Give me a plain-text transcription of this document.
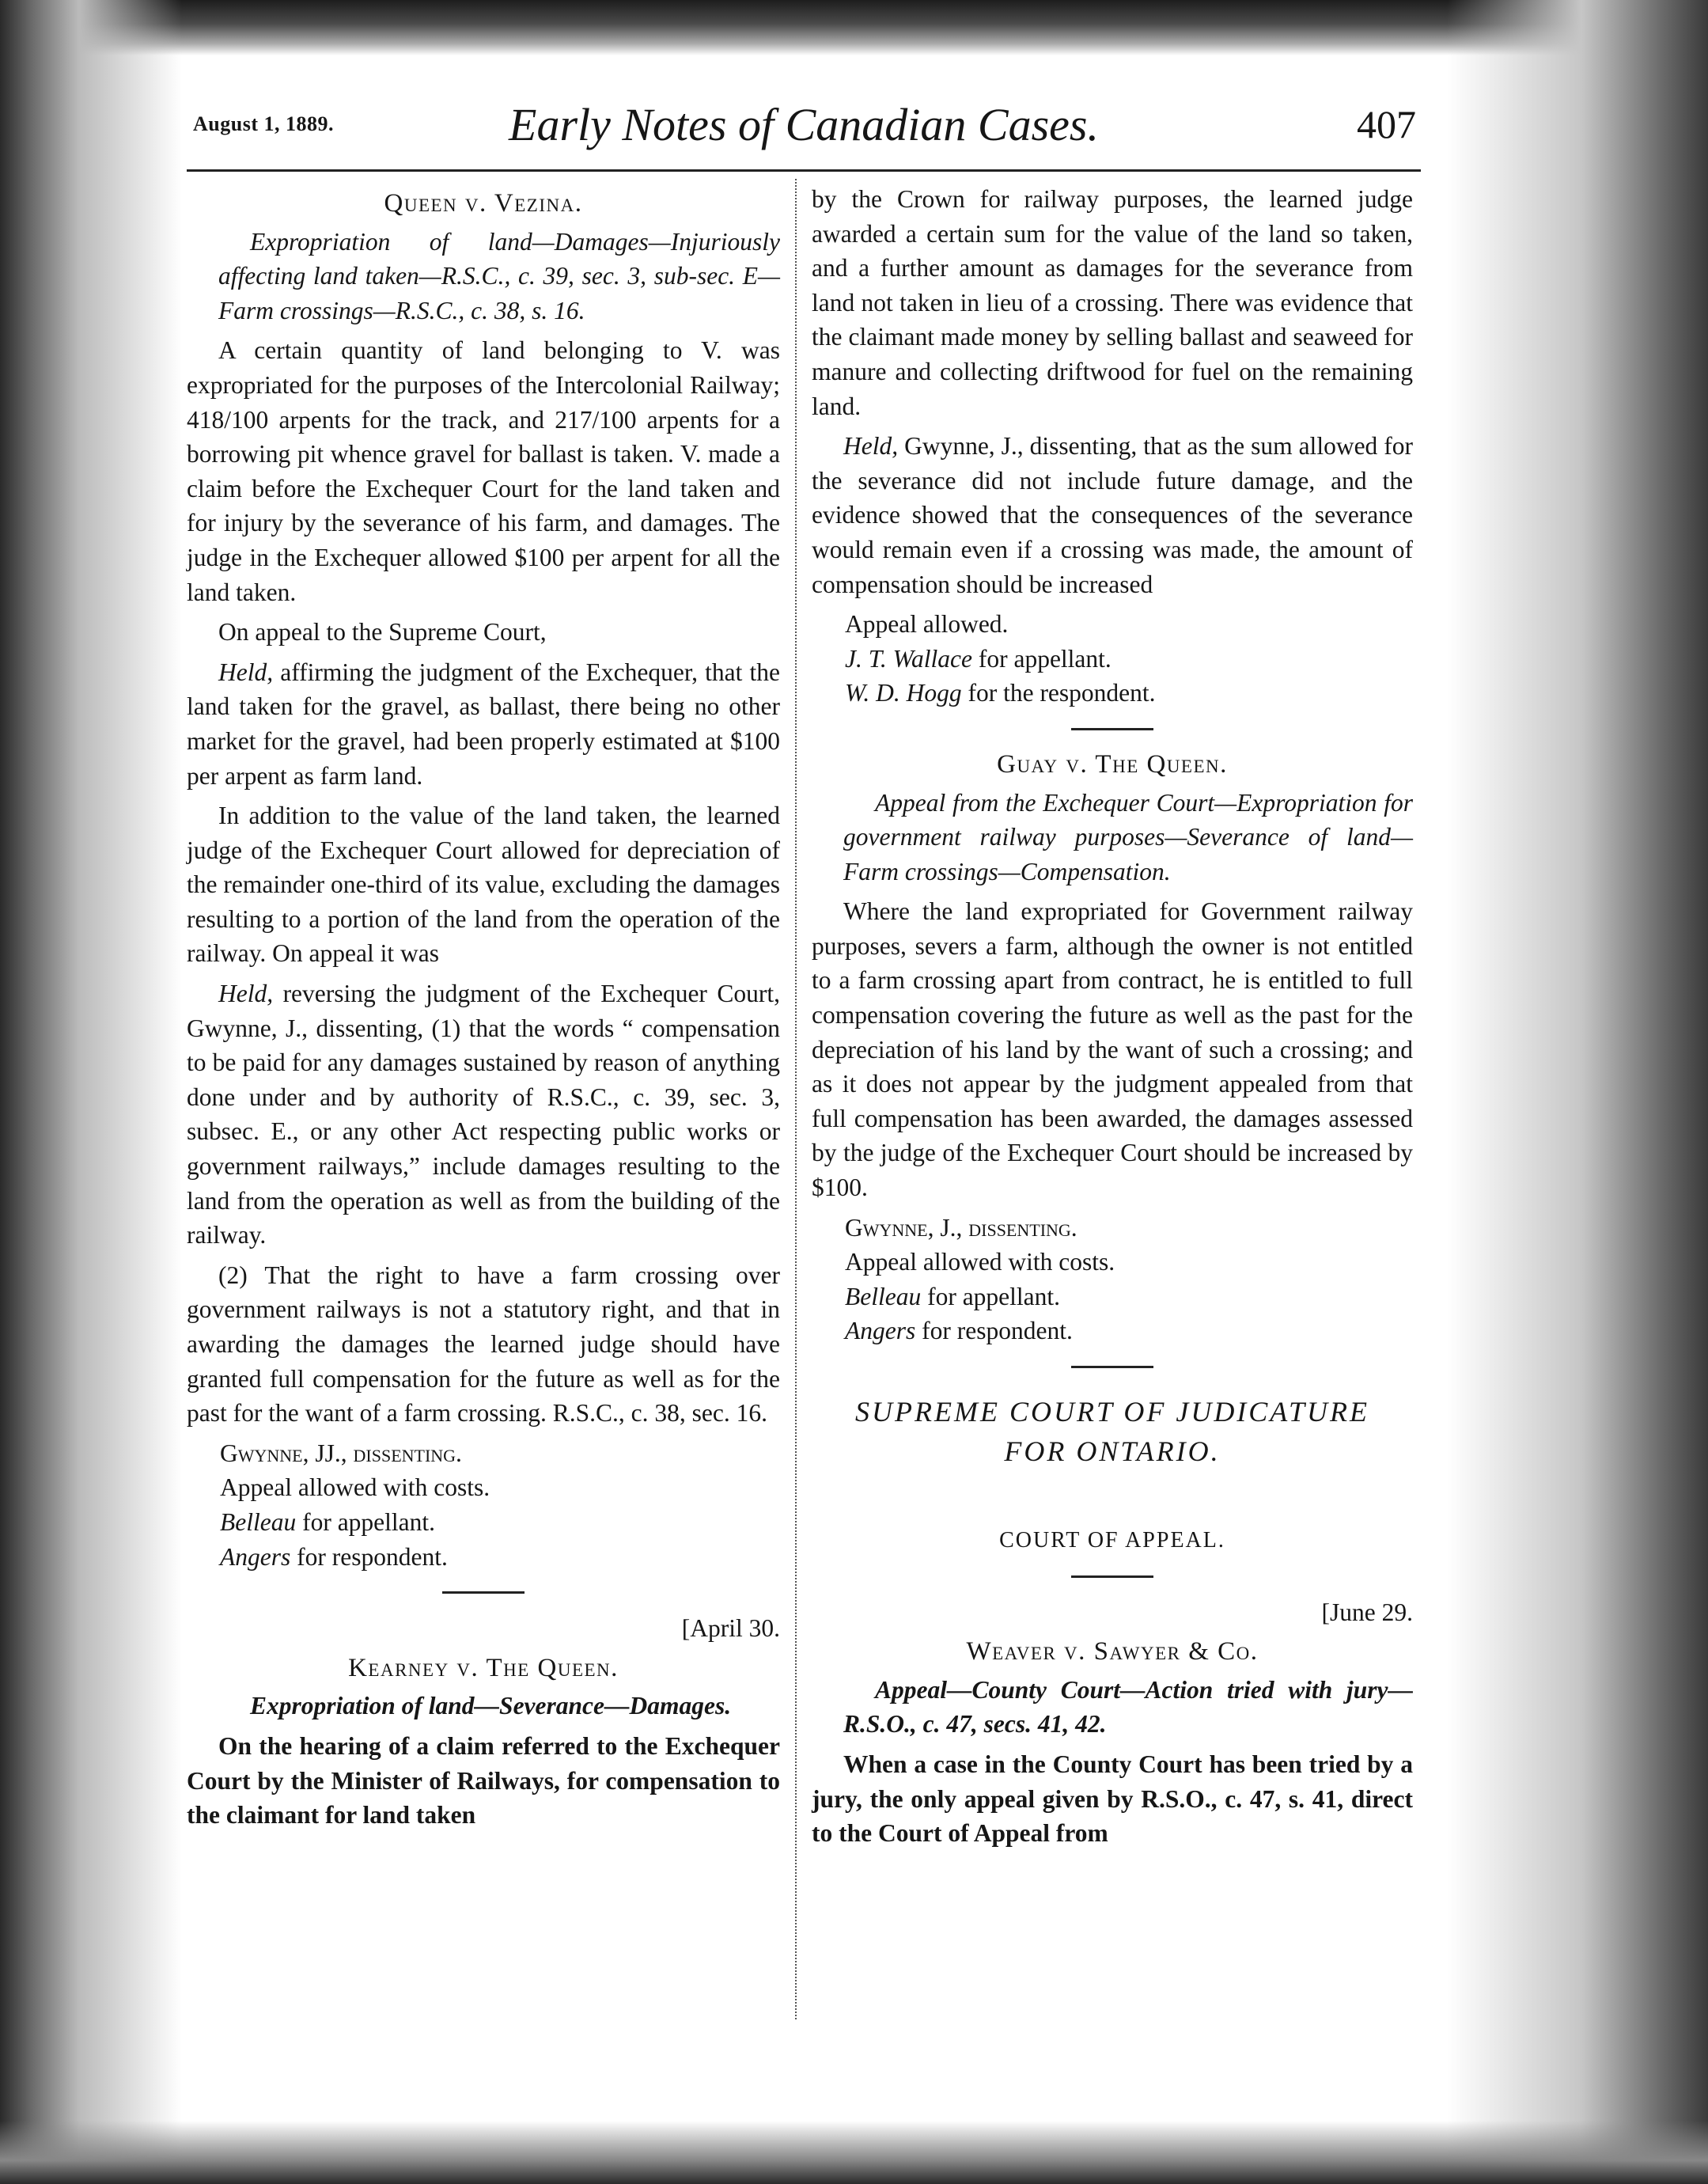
August 1, 1889.	Early Notes of Canadian Cases.	407
Queen v. Vezina.

Expropriation of land—Damages—Injuriously affecting land taken—R.S.C., c. 39, sec. 3, sub-sec. E—Farm crossings—R.S.C., c. 38, s. 16.

A certain quantity of land belonging to V. was expropriated for the purposes of the Intercolonial Railway; 418/100 arpents for the track, and 217/100 arpents for a borrowing pit whence gravel for ballast is taken. V. made a claim before the Exchequer Court for the land taken and for injury by the severance of his farm, and damages. The judge in the Exchequer allowed $100 per arpent for all the land taken.

On appeal to the Supreme Court,

Held, affirming the judgment of the Exchequer, that the land taken for the gravel, as ballast, there being no other market for the gravel, had been properly estimated at $100 per arpent as farm land.

In addition to the value of the land taken, the learned judge of the Exchequer Court allowed for depreciation of the remainder one-third of its value, excluding the damages resulting to a portion of the land from the operation of the railway. On appeal it was

Held, reversing the judgment of the Exchequer Court, Gwynne, J., dissenting, (1) that the words “ compensation to be paid for any damages sustained by reason of anything done under and by authority of R.S.C., c. 39, sec. 3, subsec. E., or any other Act respecting public works or government railways,” include damages resulting to the land from the operation as well as from the building of the railway.

(2) That the right to have a farm crossing over government railways is not a statutory right, and that in awarding the damages the learned judge should have granted full compensation for the future as well as for the past for the want of a farm crossing. R.S.C., c. 38, sec. 16.

Gwynne, JJ., dissenting.

Appeal allowed with costs.

Belleau for appellant.

Angers for respondent.

[April 30.

Kearney v. The Queen.

Expropriation of land—Severance—Damages.

On the hearing of a claim referred to the Exchequer Court by the Minister of Railways, for compensation to the claimant for land taken

by the Crown for railway purposes, the learned judge awarded a certain sum for the value of the land so taken, and a further amount as damages for the severance from land not taken in lieu of a crossing. There was evidence that the claimant made money by selling ballast and seaweed for manure and collecting driftwood for fuel on the remaining land.

Held, Gwynne, J., dissenting, that as the sum allowed for the severance did not include future damage, and the evidence showed that the consequences of the severance would remain even if a crossing was made, the amount of compensation should be increased

Appeal allowed.

J. T. Wallace for appellant.

W. D. Hogg for the respondent.

Guay v. The Queen.

Appeal from the Exchequer Court—Expropriation for government railway purposes—Severance of land—Farm crossings—Compensation.

Where the land expropriated for Government railway purposes, severs a farm, although the owner is not entitled to a farm crossing apart from contract, he is entitled to full compensation covering the future as well as the past for the depreciation of his land by the want of such a crossing; and as it does not appear by the judgment appealed from that full compensation has been awarded, the damages assessed by the judge of the Exchequer Court should be increased by $100.

Gwynne, J., dissenting.

Appeal allowed with costs.

Belleau for appellant.

Angers for respondent.

SUPREME COURT OF JUDICATURE
FOR ONTARIO.
COURT OF APPEAL.

[June 29.

Weaver v. Sawyer & Co.

Appeal—County Court—Action tried with jury—R.S.O., c. 47, secs. 41, 42.

When a case in the County Court has been tried by a jury, the only appeal given by R.S.O., c. 47, s. 41, direct to the Court of Appeal from
